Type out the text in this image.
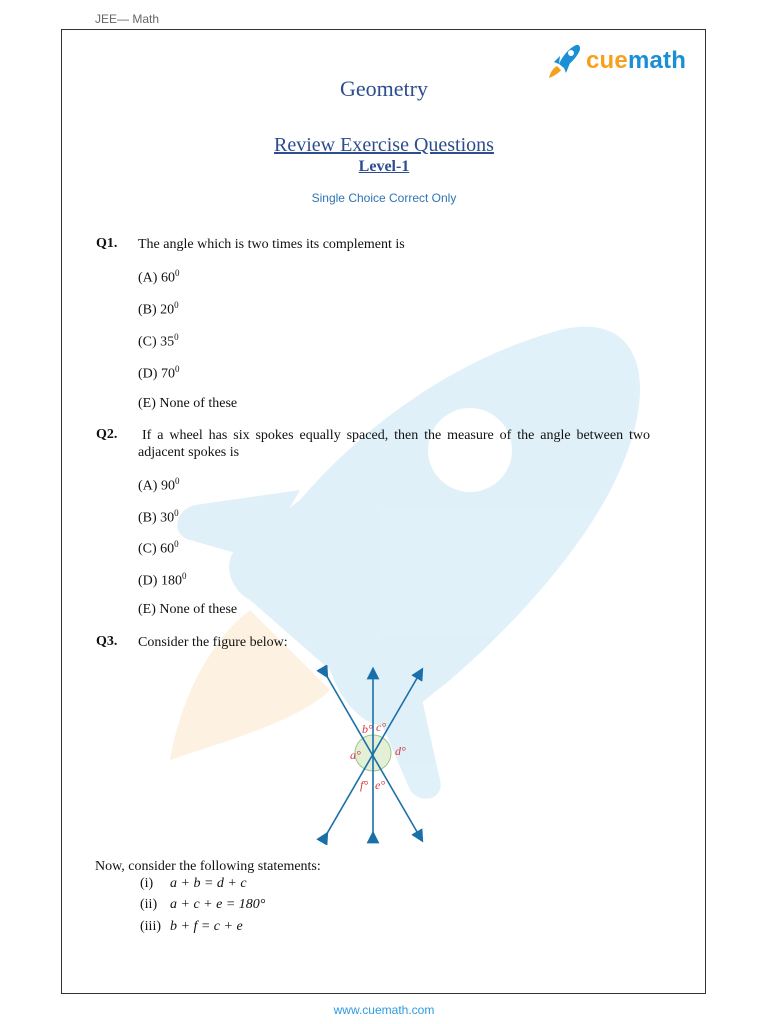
JEE— Math
cuemath
Geometry
Review Exercise Questions
Level-1
Single Choice Correct Only
Q1. The angle which is two times its complement is
(A) $60^0$
(B) $20^0$
(C) $35^0$
(D) $70^0$
(E) None of these
Q2. If a wheel has six spokes equally spaced, then the measure of the angle between two adjacent spokes is
(A) $90^0$
(B) $30^0$
(C) $60^0$
(D) $180^0$
(E) None of these
Q3. Consider the figure below:
b° c°
a°	d°
f° e°
Now, consider the following statements:
(i) a + b = d + c
(ii) a + c + e = 180°
(iii) b + f = c + e
www.cuemath.com
